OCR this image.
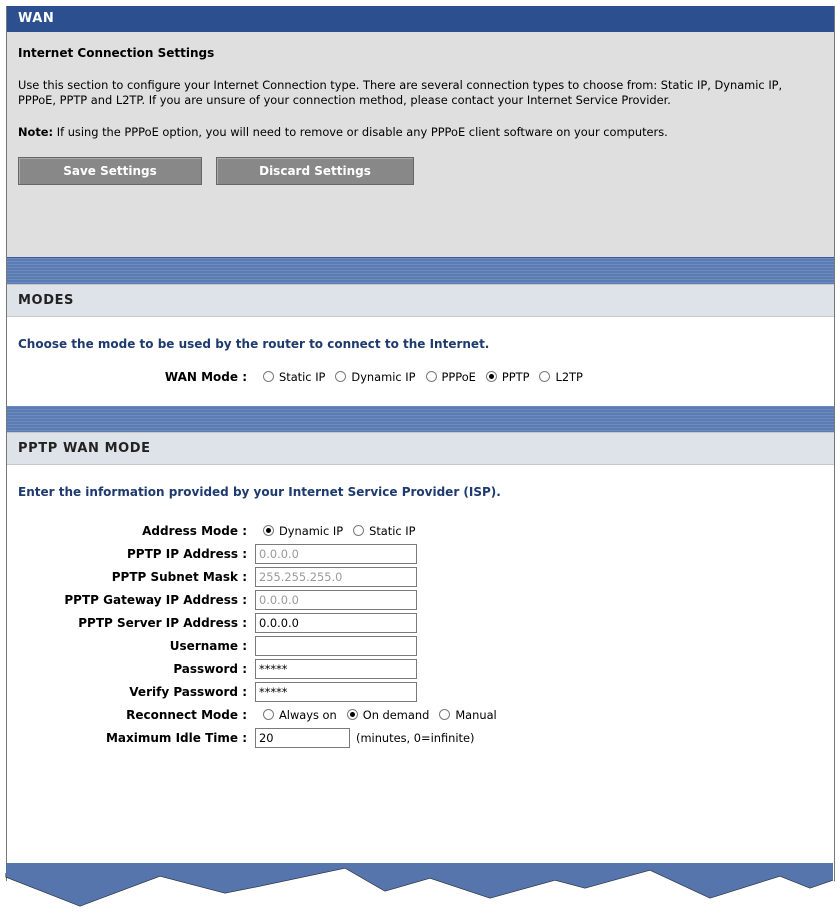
WAN
Internet Connection Settings

Use this section to configure your Internet Connection type. There are several connection types to choose from: Static IP, Dynamic IP, PPPoE, PPTP and L2TP. If you are unsure of your connection method, please contact your Internet Service Provider.

Note: If using the PPPoE option, you will need to remove or disable any PPPoE client software on your computers.

Save Settings	Discard Settings
MODES
Choose the mode to be used by the router to connect to the Internet.
WAN Mode :	Static IP Dynamic IP PPPoE PPTP L2TP
PPTP WAN MODE
Enter the information provided by your Internet Service Provider (ISP).
Address Mode :	Dynamic IP Static IP
PPTP IP Address :	0.0.0.0
PPTP Subnet Mask :	255.255.255.0
PPTP Gateway IP Address :	0.0.0.0
PPTP Server IP Address :	0.0.0.0
Username :
Password :	*****
Verify Password :	*****
Reconnect Mode :	Always on On demand Manual
Maximum Idle Time :	20	(minutes, 0=infinite)
